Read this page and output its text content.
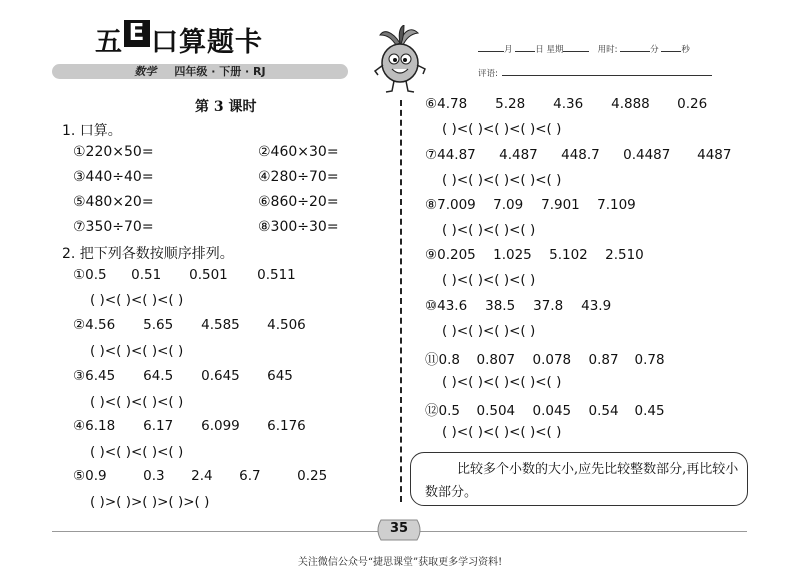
五 E 口算题卡
数学 四年级 · 下册 · RJ
月	日 星期	用时:	分	秒
评语:
第 3 课时
1. 口算。
①220×50=	②460×30=
③440÷40=	④280÷70=
⑤480×20=	⑥860÷20=
⑦350÷70=	⑧300÷30=
2. 把下列各数按顺序排列。
①0.5 0.51 0.501 0.511
( )<( )<( )<( )
②4.56 5.65 4.585 4.506
( )<( )<( )<( )
③6.45 64.5 0.645 645
( )<( )<( )<( )
④6.18 6.17 6.099 6.176
( )<( )<( )<( )
⑤0.9	0.3 2.4 6.7	0.25
( )>( )>( )>( )>( )
⑥4.78 5.28 4.36 4.888 0.26
( )<( )<( )<( )<( )
⑦44.87 4.487 448.7 0.4487 4487
( )<( )<( )<( )<( )
⑧7.009 7.09 7.901 7.109
( )<( )<( )<( )
⑨0.205 1.025 5.102 2.510
( )<( )<( )<( )
⑩43.6 38.5 37.8 43.9
( )<( )<( )<( )
⑪0.8 0.807 0.078 0.87 0.78
( )<( )<( )<( )<( )
⑫0.5 0.504 0.045 0.54 0.45
( )<( )<( )<( )<( )
比较多个小数的大小,应先比较整数部分,再比较小数部分。
35
关注微信公众号“捷思课堂”获取更多学习资料!
